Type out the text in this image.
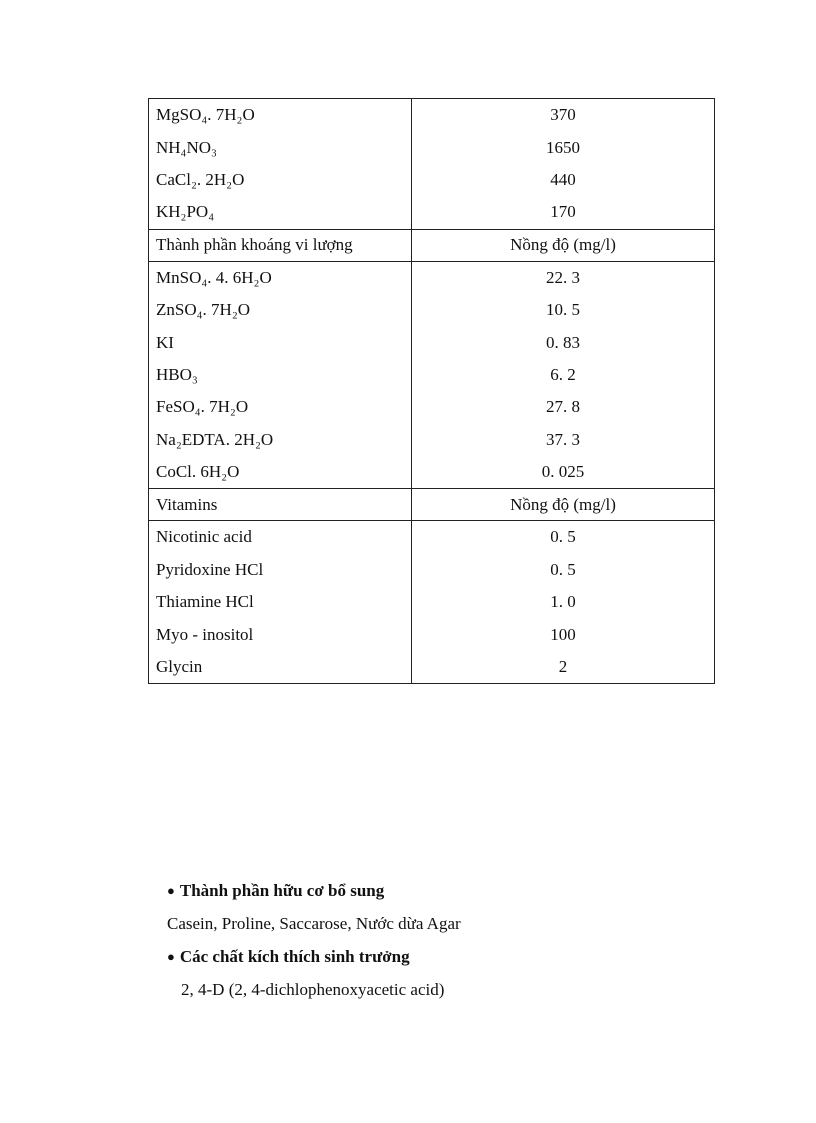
MgSO₄. 7H₂O	370
NH₄NO₃	1650
CaCl₂. 2H₂O	440
KH₂PO₄	170
Thành phần khoáng vi lượng	Nồng độ (mg/l)
MnSO₄. 4. 6H₂O	22. 3
ZnSO₄. 7H₂O	10. 5
KI	0. 83
HBO₃	6. 2
FeSO₄. 7H₂O	27. 8
Na₂EDTA. 2H₂O	37. 3
CoCl. 6H₂O	0. 025
Vitamins	Nồng độ (mg/l)
Nicotinic acid	0. 5
Pyridoxine HCl	0. 5
Thiamine HCl	1. 0
Myo - inositol	100
Glycin	2
● Thành phần hữu cơ bổ sung
Casein, Proline, Saccarose, Nước dừa Agar
● Các chất kích thích sinh trưởng
2, 4-D (2, 4-dichlophenoxyacetic acid)
